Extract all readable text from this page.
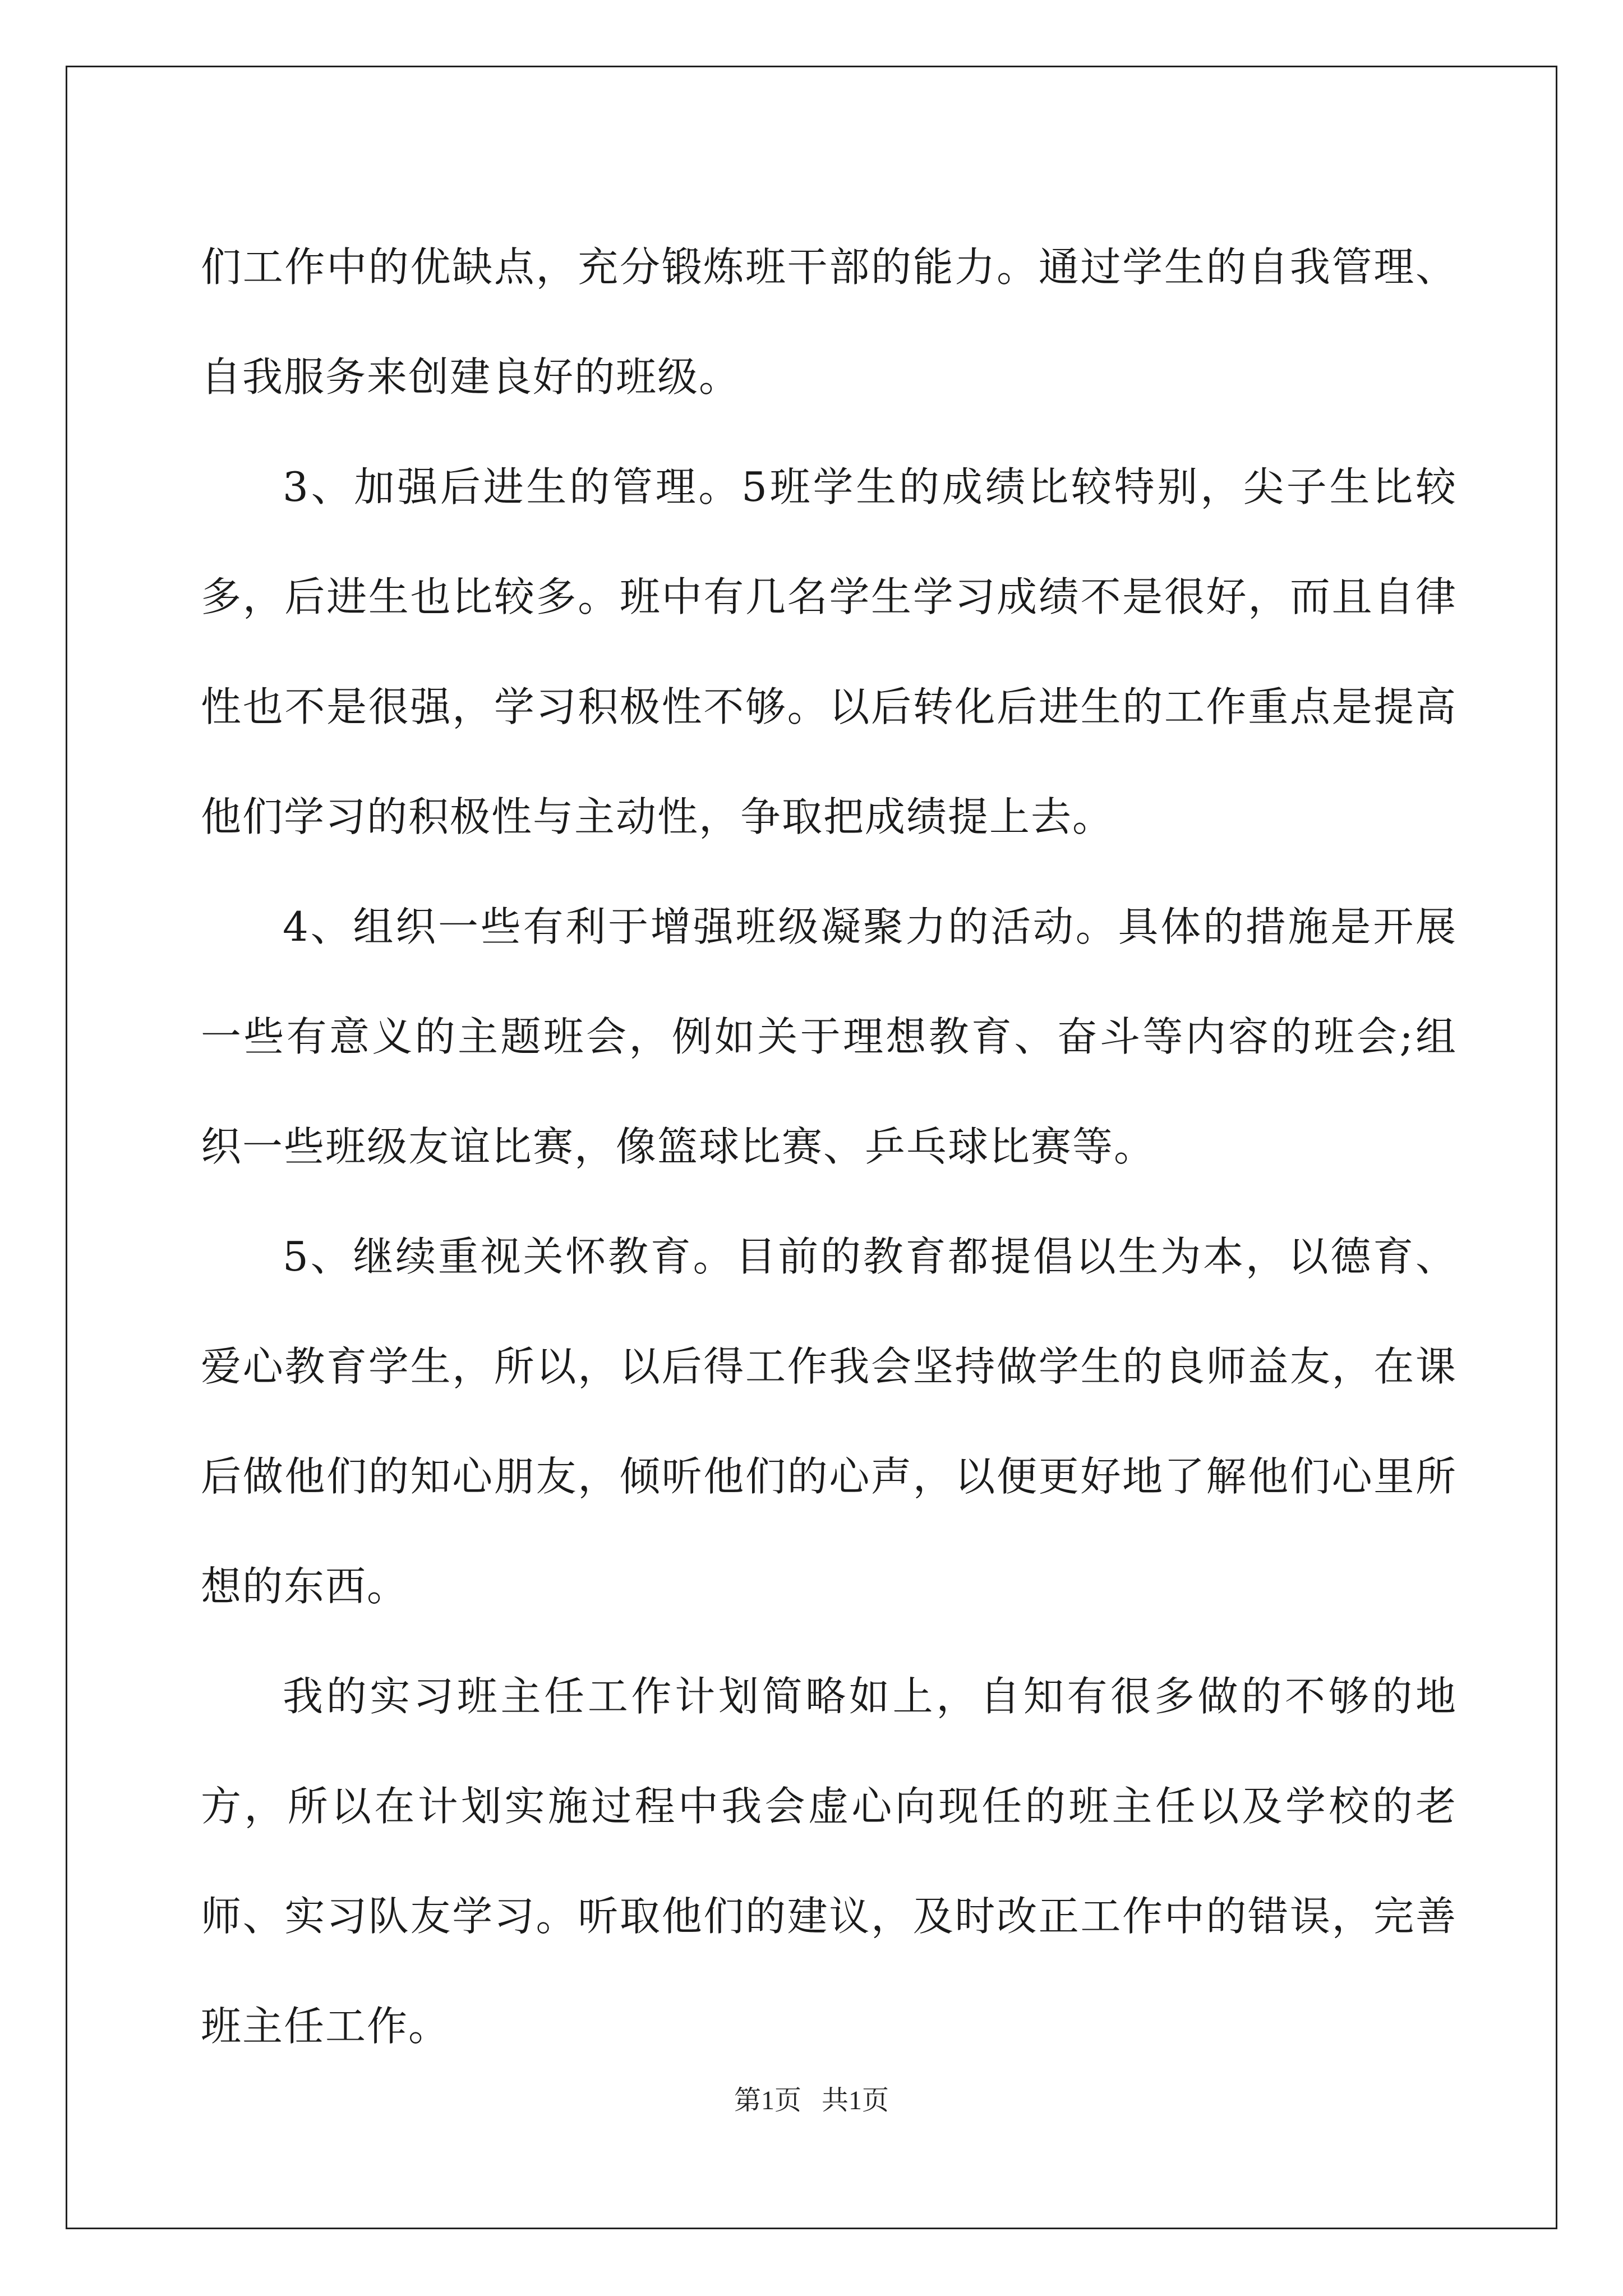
们工作中的优缺点，充分锻炼班干部的能力。通过学生的自我管理、自我服务来创建良好的班级。

3、加强后进生的管理。5班学生的成绩比较特别，尖子生比较多，后进生也比较多。班中有几名学生学习成绩不是很好，而且自律性也不是很强，学习积极性不够。以后转化后进生的工作重点是提高他们学习的积极性与主动性，争取把成绩提上去。

4、组织一些有利于增强班级凝聚力的活动。具体的措施是开展一些有意义的主题班会，例如关于理想教育、奋斗等内容的班会;组织一些班级友谊比赛，像篮球比赛、乒乓球比赛等。

5、继续重视关怀教育。目前的教育都提倡以生为本，以德育、爱心教育学生，所以，以后得工作我会坚持做学生的良师益友，在课后做他们的知心朋友，倾听他们的心声，以便更好地了解他们心里所想的东西。

我的实习班主任工作计划简略如上，自知有很多做的不够的地方，所以在计划实施过程中我会虚心向现任的班主任以及学校的老师、实习队友学习。听取他们的建议，及时改正工作中的错误，完善班主任工作。

第1页   共1页
